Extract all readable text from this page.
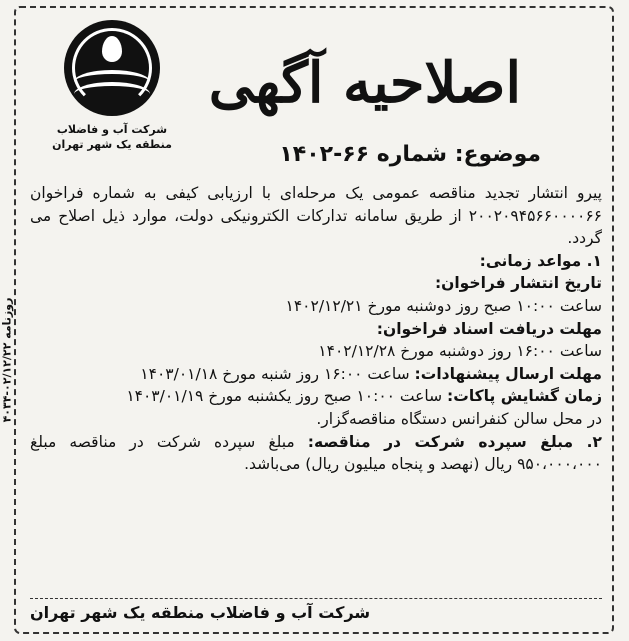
روزنامه ۰۲/۱۲/۲۲-۴۰۳۴
شرکت آب و فاضلاب
منطقه یک شهر تهران
اصلاحیه آگهی
موضوع: شماره ۶۶-۱۴۰۲

پیرو انتشار تجدید مناقصه عمومی یک مرحله‌ای با ارزیابی کیفی به شماره فراخوان ۲۰۰۲۰۹۴۵۶۶۰۰۰۰۶۶ از طریق سامانه تدارکات الکترونیکی دولت، موارد ذیل اصلاح می گردد.

۱. مواعد زمانی:

تاریخ انتشار فراخوان:

ساعت ۱۰:۰۰ صبح روز دوشنبه مورخ ۱۴۰۲/۱۲/۲۱

مهلت دریافت اسناد فراخوان:

ساعت ۱۶:۰۰ روز دوشنبه مورخ ۱۴۰۲/۱۲/۲۸

مهلت ارسال پیشنهادات: ساعت ۱۶:۰۰ روز شنبه مورخ ۱۴۰۳/۰۱/۱۸

زمان گشایش پاکات: ساعت ۱۰:۰۰ صبح روز یکشنبه مورخ ۱۴۰۳/۰۱/۱۹

در محل سالن کنفرانس دستگاه مناقصه‌گزار.

۲. مبلغ سپرده شرکت در مناقصه: مبلغ سپرده شرکت در مناقصه مبلغ ۹۵۰،۰۰۰،۰۰۰ ریال (نهصد و پنجاه میلیون ریال) می‌باشد.

شرکت آب و فاضلاب منطقه یک شهر تهران
